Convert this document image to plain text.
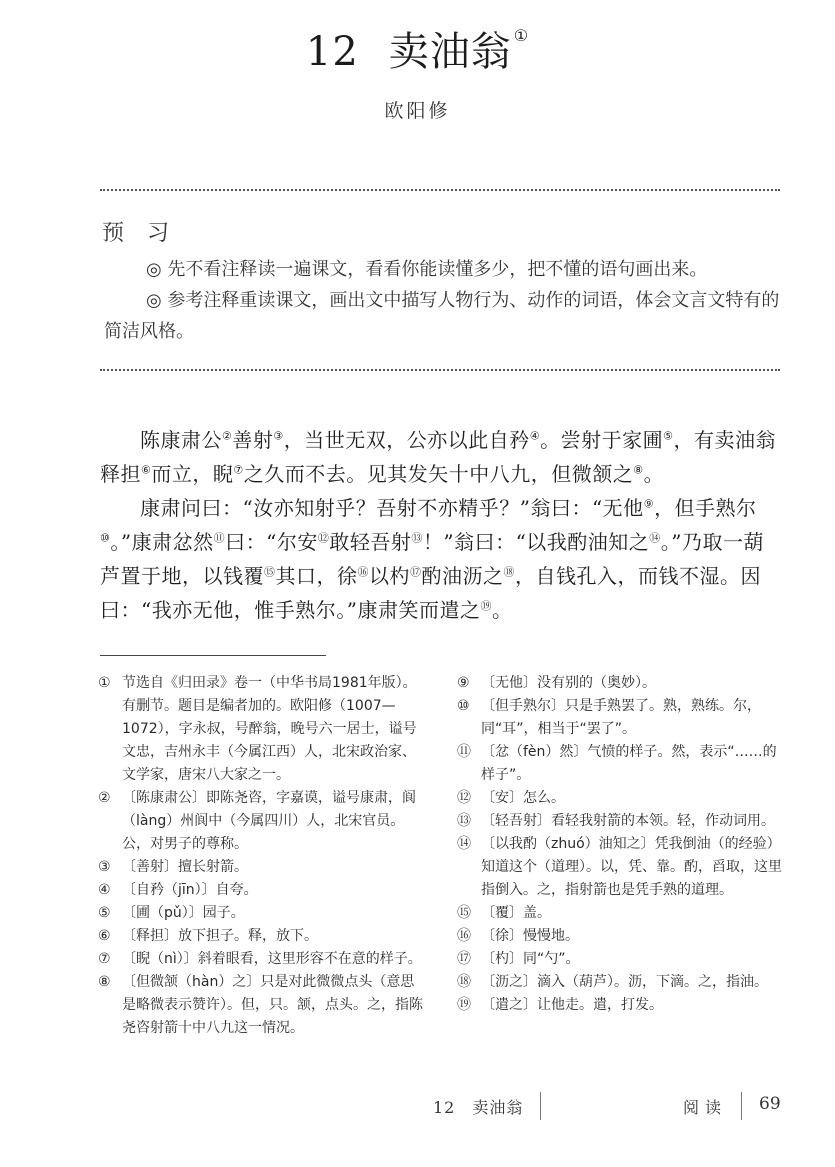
12 卖油翁 ①
欧阳修
预 习
◎ 先不看注释读一遍课文，看看你能读懂多少，把不懂的语句画出来。
◎ 参考注释重读课文，画出文中描写人物行为、动作的词语，体会文言文特有的简洁风格。
陈康肃公②善射③，当世无双，公亦以此自矜④。尝射于家圃⑤，有卖油翁释担⑥而立，睨⑦之久而不去。见其发矢十中八九，但微颔之⑧。
康肃问曰：“汝亦知射乎？吾射不亦精乎？”翁曰：“无他⑨，但手熟尔⑩。”康肃忿然⑪曰：“尔安⑫敢轻吾射⑬！”翁曰：“以我酌油知之⑭。”乃取一葫芦置于地，以钱覆⑮其口，徐⑯以杓⑰酌油沥之⑱，自钱孔入，而钱不湿。因曰：“我亦无他，惟手熟尔。”康肃笑而遣之⑲。
① 节选自《归田录》卷一（中华书局1981年版）。有删节。题目是编者加的。欧阳修（1007—1072），字永叔，号醉翁，晚号六一居士，谥号文忠，吉州永丰（今属江西）人，北宋政治家、文学家，唐宋八大家之一。
② 〔陈康肃公〕即陈尧咨，字嘉谟，谥号康肃，阆（làng）州阆中（今属四川）人，北宋官员。公，对男子的尊称。
③ 〔善射〕擅长射箭。
④ 〔自矜（jīn）〕自夸。
⑤ 〔圃（pǔ）〕园子。
⑥ 〔释担〕放下担子。释，放下。
⑦ 〔睨（nì）〕斜着眼看，这里形容不在意的样子。
⑧ 〔但微颔（hàn）之〕只是对此微微点头（意思是略微表示赞许）。但，只。颔，点头。之，指陈尧咨射箭十中八九这一情况。
⑨ 〔无他〕没有别的（奥妙）。
⑩ 〔但手熟尔〕只是手熟罢了。熟，熟练。尔，同“耳”，相当于“罢了”。
⑪ 〔忿（fèn）然〕气愤的样子。然，表示“……的样子”。
⑫ 〔安〕怎么。
⑬ 〔轻吾射〕看轻我射箭的本领。轻，作动词用。
⑭ 〔以我酌（zhuó）油知之〕凭我倒油（的经验）知道这个（道理）。以，凭、靠。酌，舀取，这里指倒入。之，指射箭也是凭手熟的道理。
⑮ 〔覆〕盖。
⑯ 〔徐〕慢慢地。
⑰ 〔杓〕同“勺”。
⑱ 〔沥之〕滴入（葫芦）。沥，下滴。之，指油。
⑲ 〔遣之〕让他走。遣，打发。
12　卖油翁	阅读 69
